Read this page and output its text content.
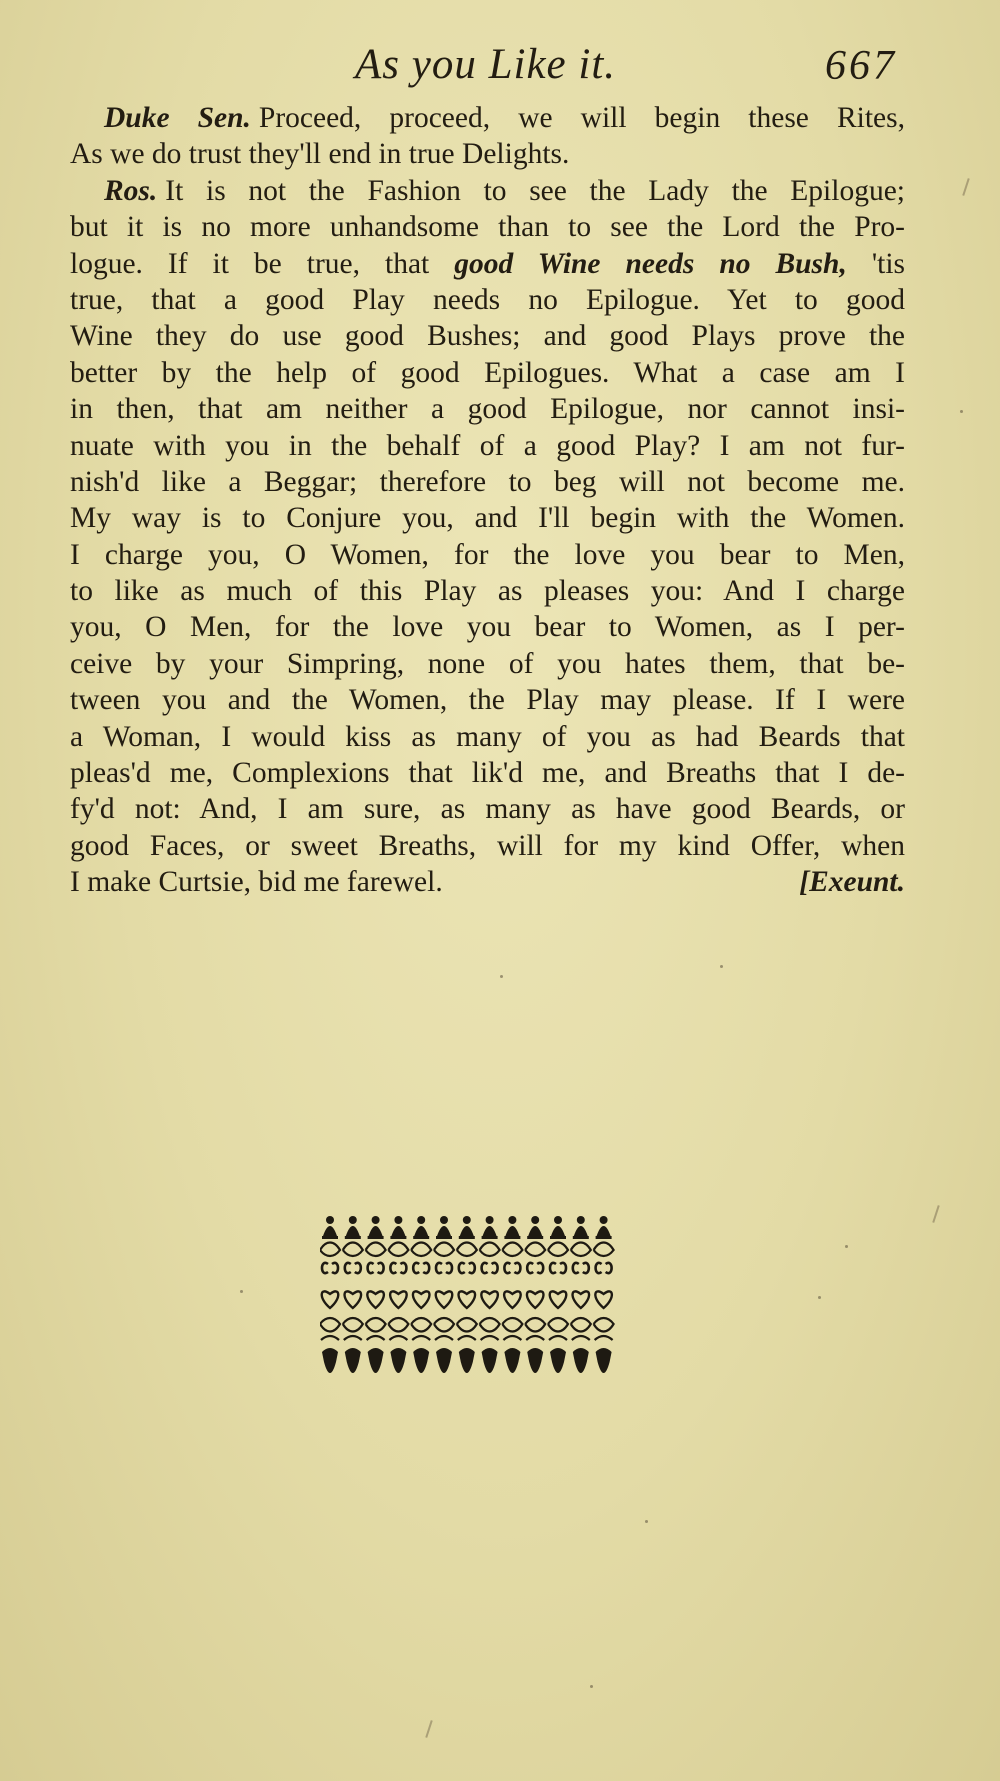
As you Like it.	667
Duke Sen. Proceed, proceed, we will begin these Rites,
As we do trust they'll end in true Delights.
Ros. It is not the Fashion to see the Lady the Epilogue;
but it is no more unhandsome than to see the Lord the Pro-
logue. If it be true, that good Wine needs no Bush, 'tis
true, that a good Play needs no Epilogue. Yet to good
Wine they do use good Bushes; and good Plays prove the
better by the help of good Epilogues. What a case am I
in then, that am neither a good Epilogue, nor cannot insi-
nuate with you in the behalf of a good Play? I am not fur-
nish'd like a Beggar; therefore to beg will not become me.
My way is to Conjure you, and I'll begin with the Women.
I charge you, O Women, for the love you bear to Men,
to like as much of this Play as pleases you: And I charge
you, O Men, for the love you bear to Women, as I per-
ceive by your Simpring, none of you hates them, that be-
tween you and the Women, the Play may please. If I were
a Woman, I would kiss as many of you as had Beards that
pleas'd me, Complexions that lik'd me, and Breaths that I de-
fy'd not: And, I am sure, as many as have good Beards, or
good Faces, or sweet Breaths, will for my kind Offer, when
I make Curtsie, bid me farewel.	[Exeunt.
